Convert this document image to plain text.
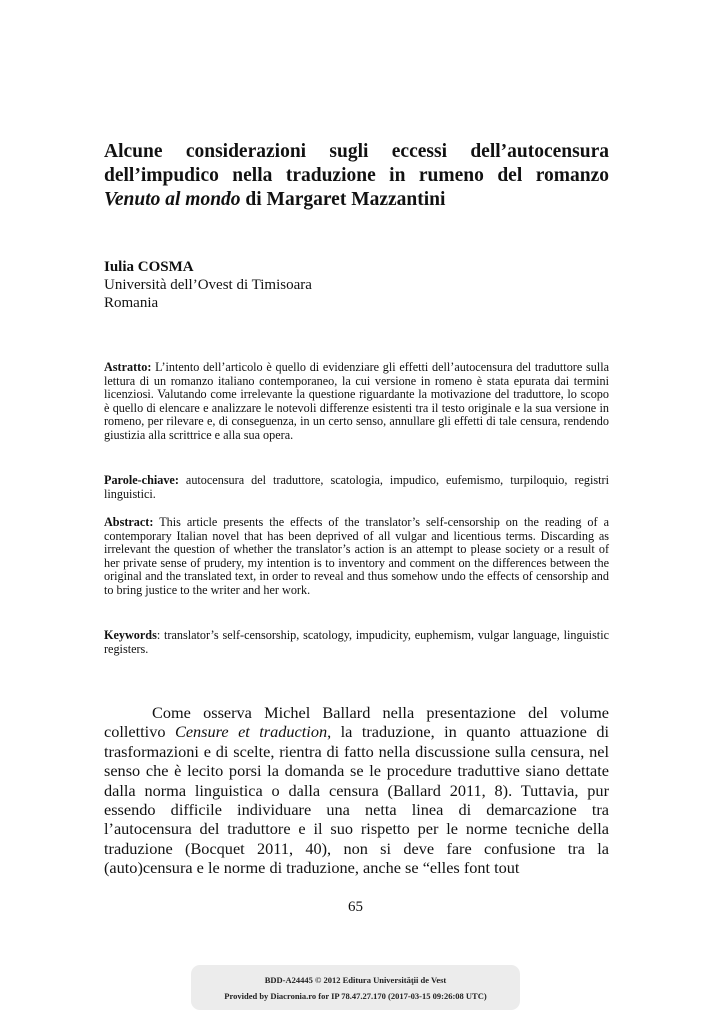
Alcune considerazioni sugli eccessi dell’autocensura dell’impudico nella traduzione in rumeno del romanzo Venuto al mondo di Margaret Mazzantini
Iulia COSMA
Università dell’Ovest di Timisoara
Romania
Astratto: L’intento dell’articolo è quello di evidenziare gli effetti dell’autocensura del traduttore sulla lettura di un romanzo italiano contemporaneo, la cui versione in romeno è stata epurata dai termini licenziosi. Valutando come irrelevante la questione riguardante la motivazione del traduttore, lo scopo è quello di elencare e analizzare le notevoli differenze esistenti tra il testo originale e la sua versione in romeno, per rilevare e, di conseguenza, in un certo senso, annullare gli effetti di tale censura, rendendo giustizia alla scrittrice e alla sua opera.
Parole-chiave: autocensura del traduttore, scatologia, impudico, eufemismo, turpiloquio, registri linguistici.
Abstract: This article presents the effects of the translator’s self-censorship on the reading of a contemporary Italian novel that has been deprived of all vulgar and licentious terms. Discarding as irrelevant the question of whether the translator’s action is an attempt to please society or a result of her private sense of prudery, my intention is to inventory and comment on the differences between the original and the translated text, in order to reveal and thus somehow undo the effects of censorship and to bring justice to the writer and her work.
Keywords: translator’s self-censorship, scatology, impudicity, euphemism, vulgar language, linguistic registers.
Come osserva Michel Ballard nella presentazione del volume collettivo Censure et traduction, la traduzione, in quanto attuazione di trasformazioni e di scelte, rientra di fatto nella discussione sulla censura, nel senso che è lecito porsi la domanda se le procedure traduttive siano dettate dalla norma linguistica o dalla censura (Ballard 2011, 8). Tuttavia, pur essendo difficile individuare una netta linea di demarcazione tra l’autocensura del traduttore e il suo rispetto per le norme tecniche della traduzione (Bocquet 2011, 40), non si deve fare confusione tra la (auto)censura e le norme di traduzione, anche se “elles font tout
65
BDD-A24445 © 2012 Editura Universităţii de Vest
Provided by Diacronia.ro for IP 78.47.27.170 (2017-03-15 09:26:08 UTC)
